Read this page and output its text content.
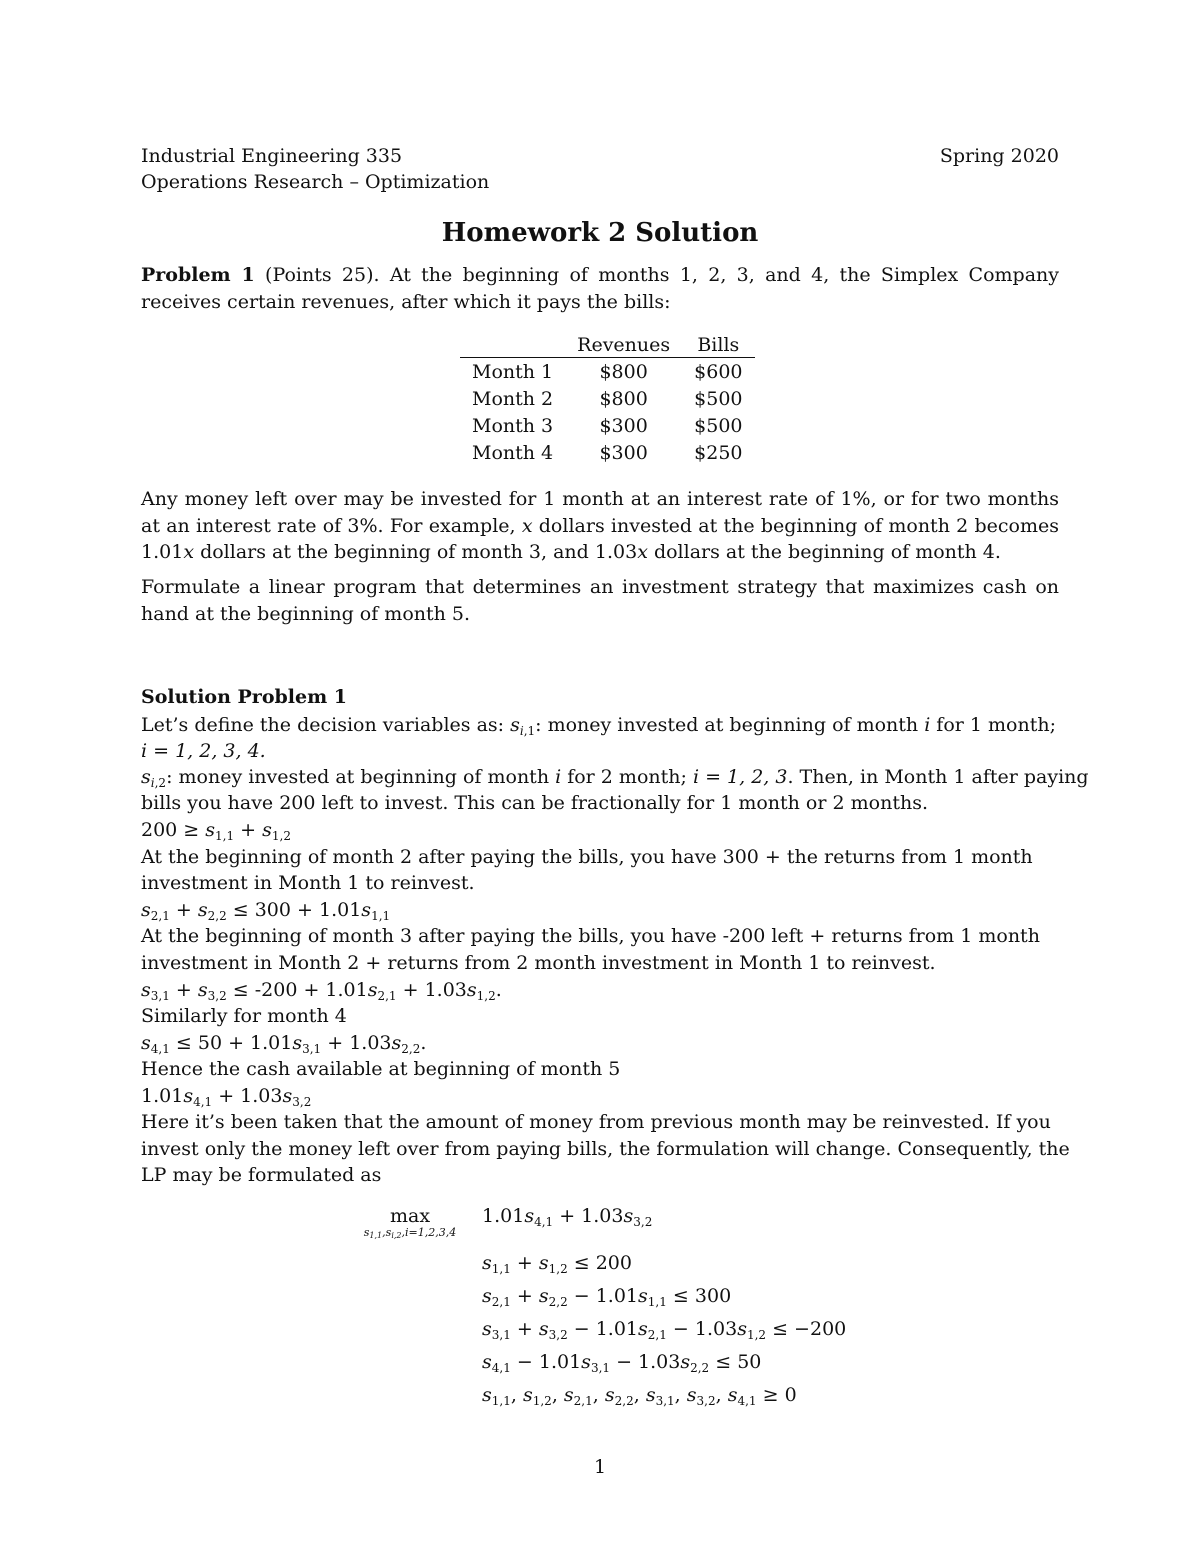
Industrial Engineering 335	Spring 2020
Operations Research – Optimization
Homework 2 Solution
Problem 1 (Points 25). At the beginning of months 1, 2, 3, and 4, the Simplex Company receives certain revenues, after which it pays the bills:
	Revenues	Bills
Month 1	$800	$600
Month 2	$800	$500
Month 3	$300	$500
Month 4	$300	$250
Any money left over may be invested for 1 month at an interest rate of 1%, or for two months at an interest rate of 3%. For example, x dollars invested at the beginning of month 2 becomes 1.01x dollars at the beginning of month 3, and 1.03x dollars at the beginning of month 4.
Formulate a linear program that determines an investment strategy that maximizes cash on hand at the beginning of month 5.
Solution Problem 1
Let’s define the decision variables as: $s_{i,1}$: money invested at beginning of month i for 1 month;
i = 1, 2, 3, 4.
$s_{i,2}$: money invested at beginning of month i for 2 month; i = 1, 2, 3. Then, in Month 1 after paying
bills you have 200 left to invest. This can be fractionally for 1 month or 2 months.
$200 \ge s_{1,1} + s_{1,2}$
At the beginning of month 2 after paying the bills, you have 300 + the returns from 1 month
investment in Month 1 to reinvest.
$s_{2,1} + s_{2,2} \le 300 + 1.01s_{1,1}$
At the beginning of month 3 after paying the bills, you have -200 left + returns from 1 month
investment in Month 2 + returns from 2 month investment in Month 1 to reinvest.
$s_{3,1} + s_{3,2} \le -200 + 1.01s_{2,1} + 1.03s_{1,2}$.
Similarly for month 4
$s_{4,1} \le 50 + 1.01s_{3,1} + 1.03s_{2,2}$.
Hence the cash available at beginning of month 5
$1.01s_{4,1} + 1.03s_{3,2}$
Here it’s been taken that the amount of money from previous month may be reinvested. If you
invest only the money left over from paying bills, the formulation will change. Consequently, the
LP may be formulated as
max
$s_{1,1},s_{i,2},i=1,2,3,4$
$1.01s_{4,1} + 1.03s_{3,2}$
$s_{1,1} + s_{1,2} \le 200$
$s_{2,1} + s_{2,2} - 1.01s_{1,1} \le 300$
$s_{3,1} + s_{3,2} - 1.01s_{2,1} - 1.03s_{1,2} \le -200$
$s_{4,1} - 1.01s_{3,1} - 1.03s_{2,2} \le 50$
$s_{1,1}$, $s_{1,2}$, $s_{2,1}$, $s_{2,2}$, $s_{3,1}$, $s_{3,2}$, $s_{4,1} \ge 0$
1
